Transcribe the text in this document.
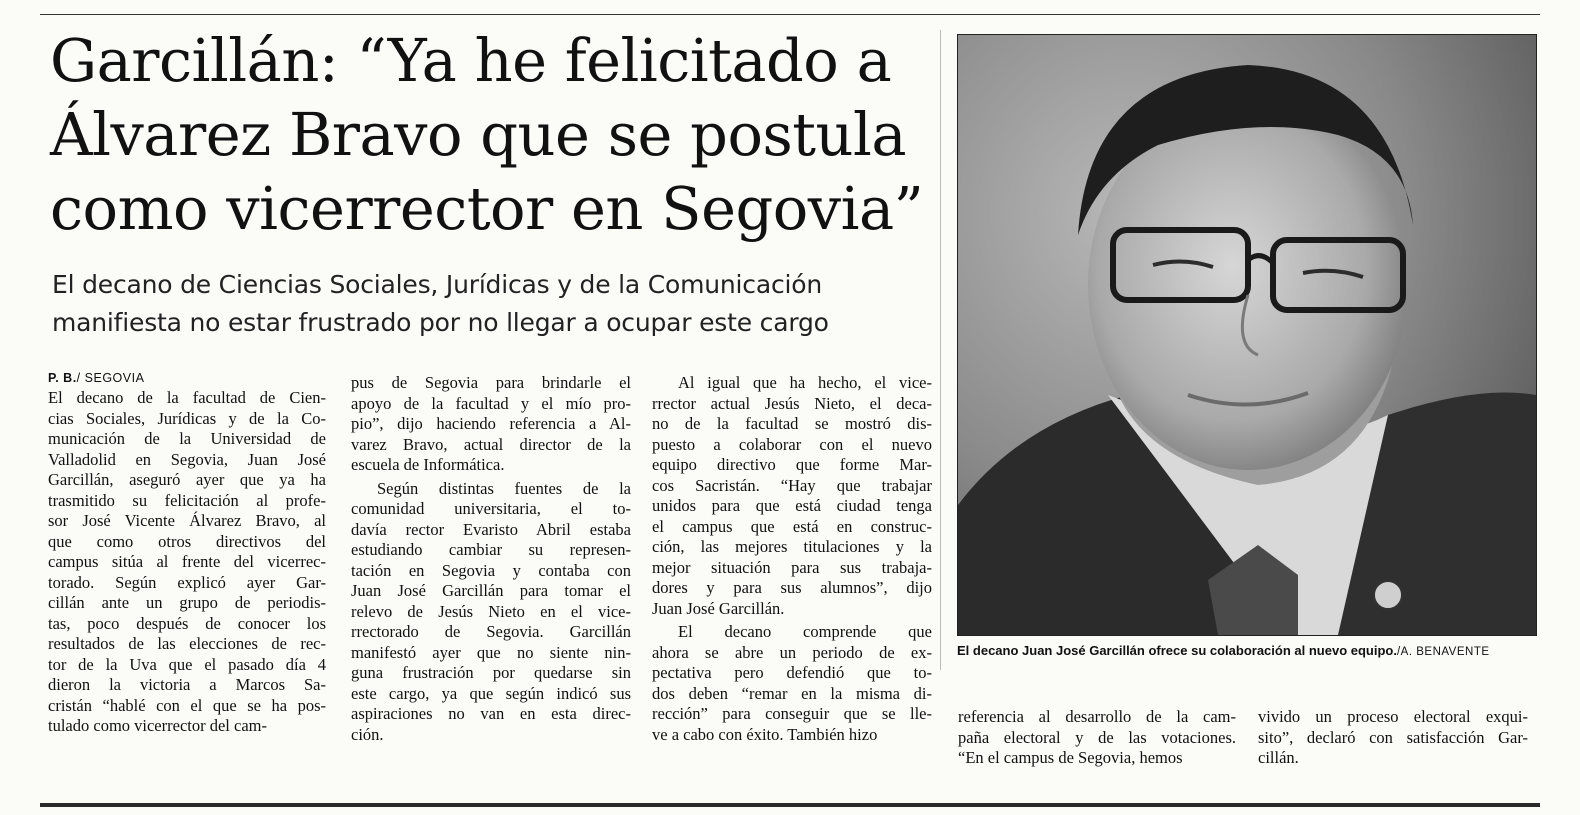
Garcillán: “Ya he felicitado a
Álvarez Bravo que se postula
como vicerrector en Segovia”
El decano de Ciencias Sociales, Jurídicas y de la Comunicación
manifiesta no estar frustrado por no llegar a ocupar este cargo
P. B./ SEGOVIA
El decano de la facultad de Cien-
cias Sociales, Jurídicas y de la Co-
municación de la Universidad de
Valladolid en Segovia, Juan José
Garcillán, aseguró ayer que ya ha
trasmitido su felicitación al profe-
sor José Vicente Álvarez Bravo, al
que como otros directivos del
campus sitúa al frente del vicerrec-
torado. Según explicó ayer Gar-
cillán ante un grupo de periodis-
tas, poco después de conocer los
resultados de las elecciones de rec-
tor de la Uva que el pasado día 4
dieron la victoria a Marcos Sa-
cristán “hablé con el que se ha pos-
tulado como vicerrector del cam-
pus de Segovia para brindarle el
apoyo de la facultad y el mío pro-
pio”, dijo haciendo referencia a Al-
varez Bravo, actual director de la
escuela de Informática.
Según distintas fuentes de la
comunidad universitaria, el to-
davía rector Evaristo Abril estaba
estudiando cambiar su represen-
tación en Segovia y contaba con
Juan José Garcillán para tomar el
relevo de Jesús Nieto en el vice-
rrectorado de Segovia. Garcillán
manifestó ayer que no siente nin-
guna frustración por quedarse sin
este cargo, ya que según indicó sus
aspiraciones no van en esta direc-
ción.
Al igual que ha hecho, el vice-
rrector actual Jesús Nieto, el deca-
no de la facultad se mostró dis-
puesto a colaborar con el nuevo
equipo directivo que forme Mar-
cos Sacristán. “Hay que trabajar
unidos para que está ciudad tenga
el campus que está en construc-
ción, las mejores titulaciones y la
mejor situación para sus trabaja-
dores y para sus alumnos”, dijo
Juan José Garcillán.
El decano comprende que
ahora se abre un periodo de ex-
pectativa pero defendió que to-
dos deben “remar en la misma di-
rección” para conseguir que se lle-
ve a cabo con éxito. También hizo
El decano Juan José Garcillán ofrece su colaboración al nuevo equipo./A. BENAVENTE
referencia al desarrollo de la cam-
paña electoral y de las votaciones.
“En el campus de Segovia, hemos
vivido un proceso electoral exqui-
sito”, declaró con satisfacción Gar-
cillán.
